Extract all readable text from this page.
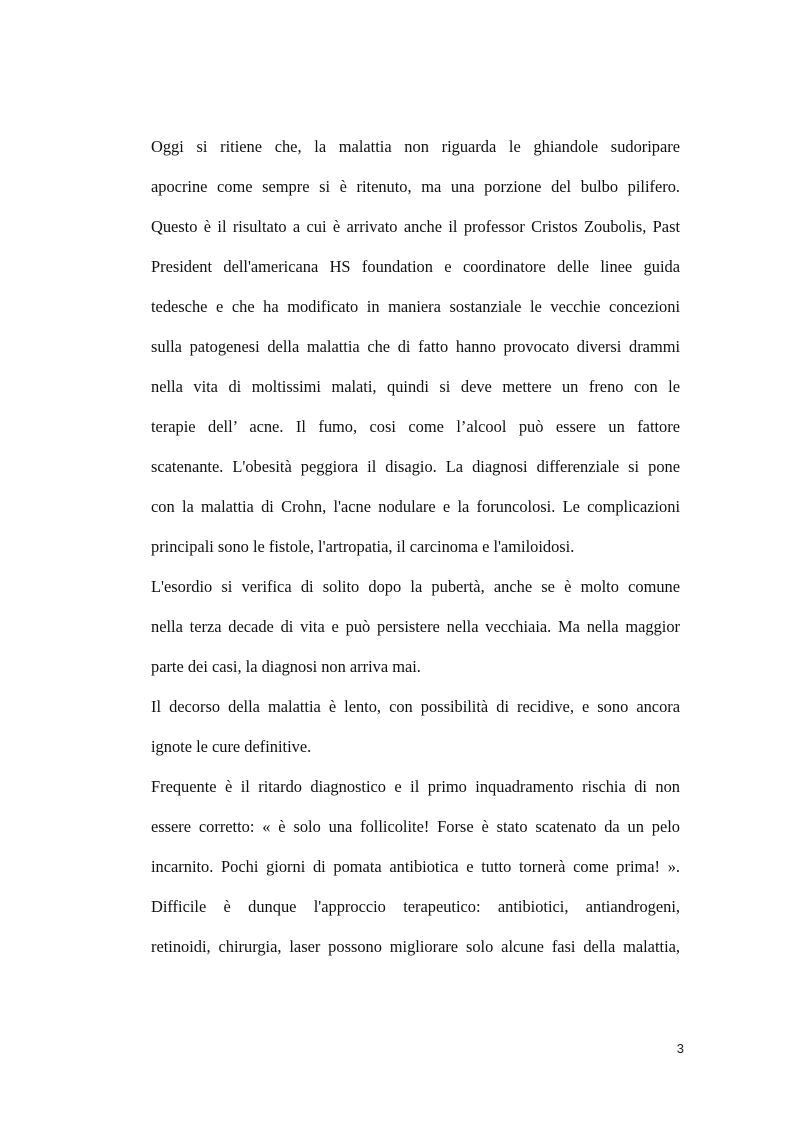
Oggi si ritiene che, la malattia non riguarda le ghiandole sudoripare
apocrine come sempre si è ritenuto, ma una porzione del bulbo pilifero.
Questo è il risultato a cui è arrivato anche il professor Cristos Zoubolis, Past
President dell'americana HS foundation e coordinatore delle linee guida
tedesche e che ha modificato in maniera sostanziale le vecchie concezioni
sulla patogenesi della malattia che di fatto hanno provocato diversi drammi
nella vita di moltissimi malati, quindi si deve mettere un freno con le
terapie dell’ acne. Il fumo, cosi come l’alcool può essere un fattore
scatenante. L'obesità peggiora il disagio. La diagnosi differenziale si pone
con la malattia di Crohn, l'acne nodulare e la foruncolosi. Le complicazioni
principali sono le fistole, l'artropatia, il carcinoma e l'amiloidosi.
L'esordio si verifica di solito dopo la pubertà, anche se è molto comune
nella terza decade di vita e può persistere nella vecchiaia. Ma nella maggior
parte dei casi, la diagnosi non arriva mai.
Il decorso della malattia è lento, con possibilità di recidive, e sono ancora
ignote le cure definitive.
Frequente è il ritardo diagnostico e il primo inquadramento rischia di non
essere corretto: « è solo una follicolite! Forse è stato scatenato da un pelo
incarnito. Pochi giorni di pomata antibiotica e tutto tornerà come prima! ».
Difficile è dunque l'approccio terapeutico: antibiotici, antiandrogeni,
retinoidi, chirurgia, laser possono migliorare solo alcune fasi della malattia,
3
